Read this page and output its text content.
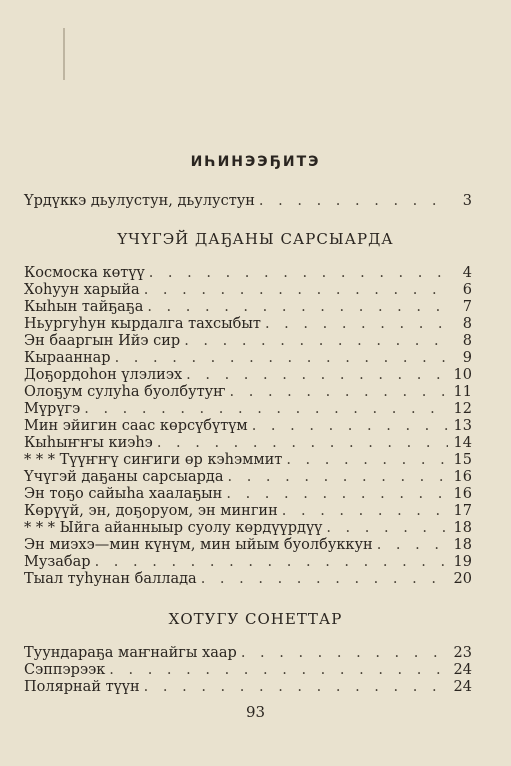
ИҺИНЭЭҔИТЭ
Үрдүккэ дьулустун, дьулустун . . .	3
ҮЧҮГЭЙ ДАҔАНЫ САРСЫАРДА
Космоска көтүү . . .	4
Хоһуун харыйа . . .	6
Кыһын тайҕаҕа . . .	7
Ньургуһун кырдалга тахсыбыт . . .	8
Эн бааргын Ийэ сир . . .	8
Кырааннар . . .	9
Доҕордоһон үлэлиэх . . .	10
Олоҕум сулуһа буолбутуҥ . . .	11
Мүрүгэ . . .	12
Мин эйигин саас көрсүбүтүм . . .	13
Кыһыҥҥы киэһэ . . .	14
* * * Түүҥҥү сиҥиги өр кэһэммит . . .	15
Үчүгэй даҕаны сарсыарда . . .	16
Эн тоҕо сайыһа хаалаҕын . . .	16
Көрүүй, эн, доҕоруом, эн мингин . . .	17
* * * Ыйга айанныыр суолу көрдүүрдүү . . .	18
Эн миэхэ—мин күнүм, мин ыйым буолбуккун . . .	18
Музабар . . .	19
Тыал туһунан баллада . . .	20
ХОТУГУ СОНЕТТАР
Туундараҕа маҥнайгы хаар . . .	23
Сэппэрээк . . .	24
Полярнай түүн . . .	24
93
